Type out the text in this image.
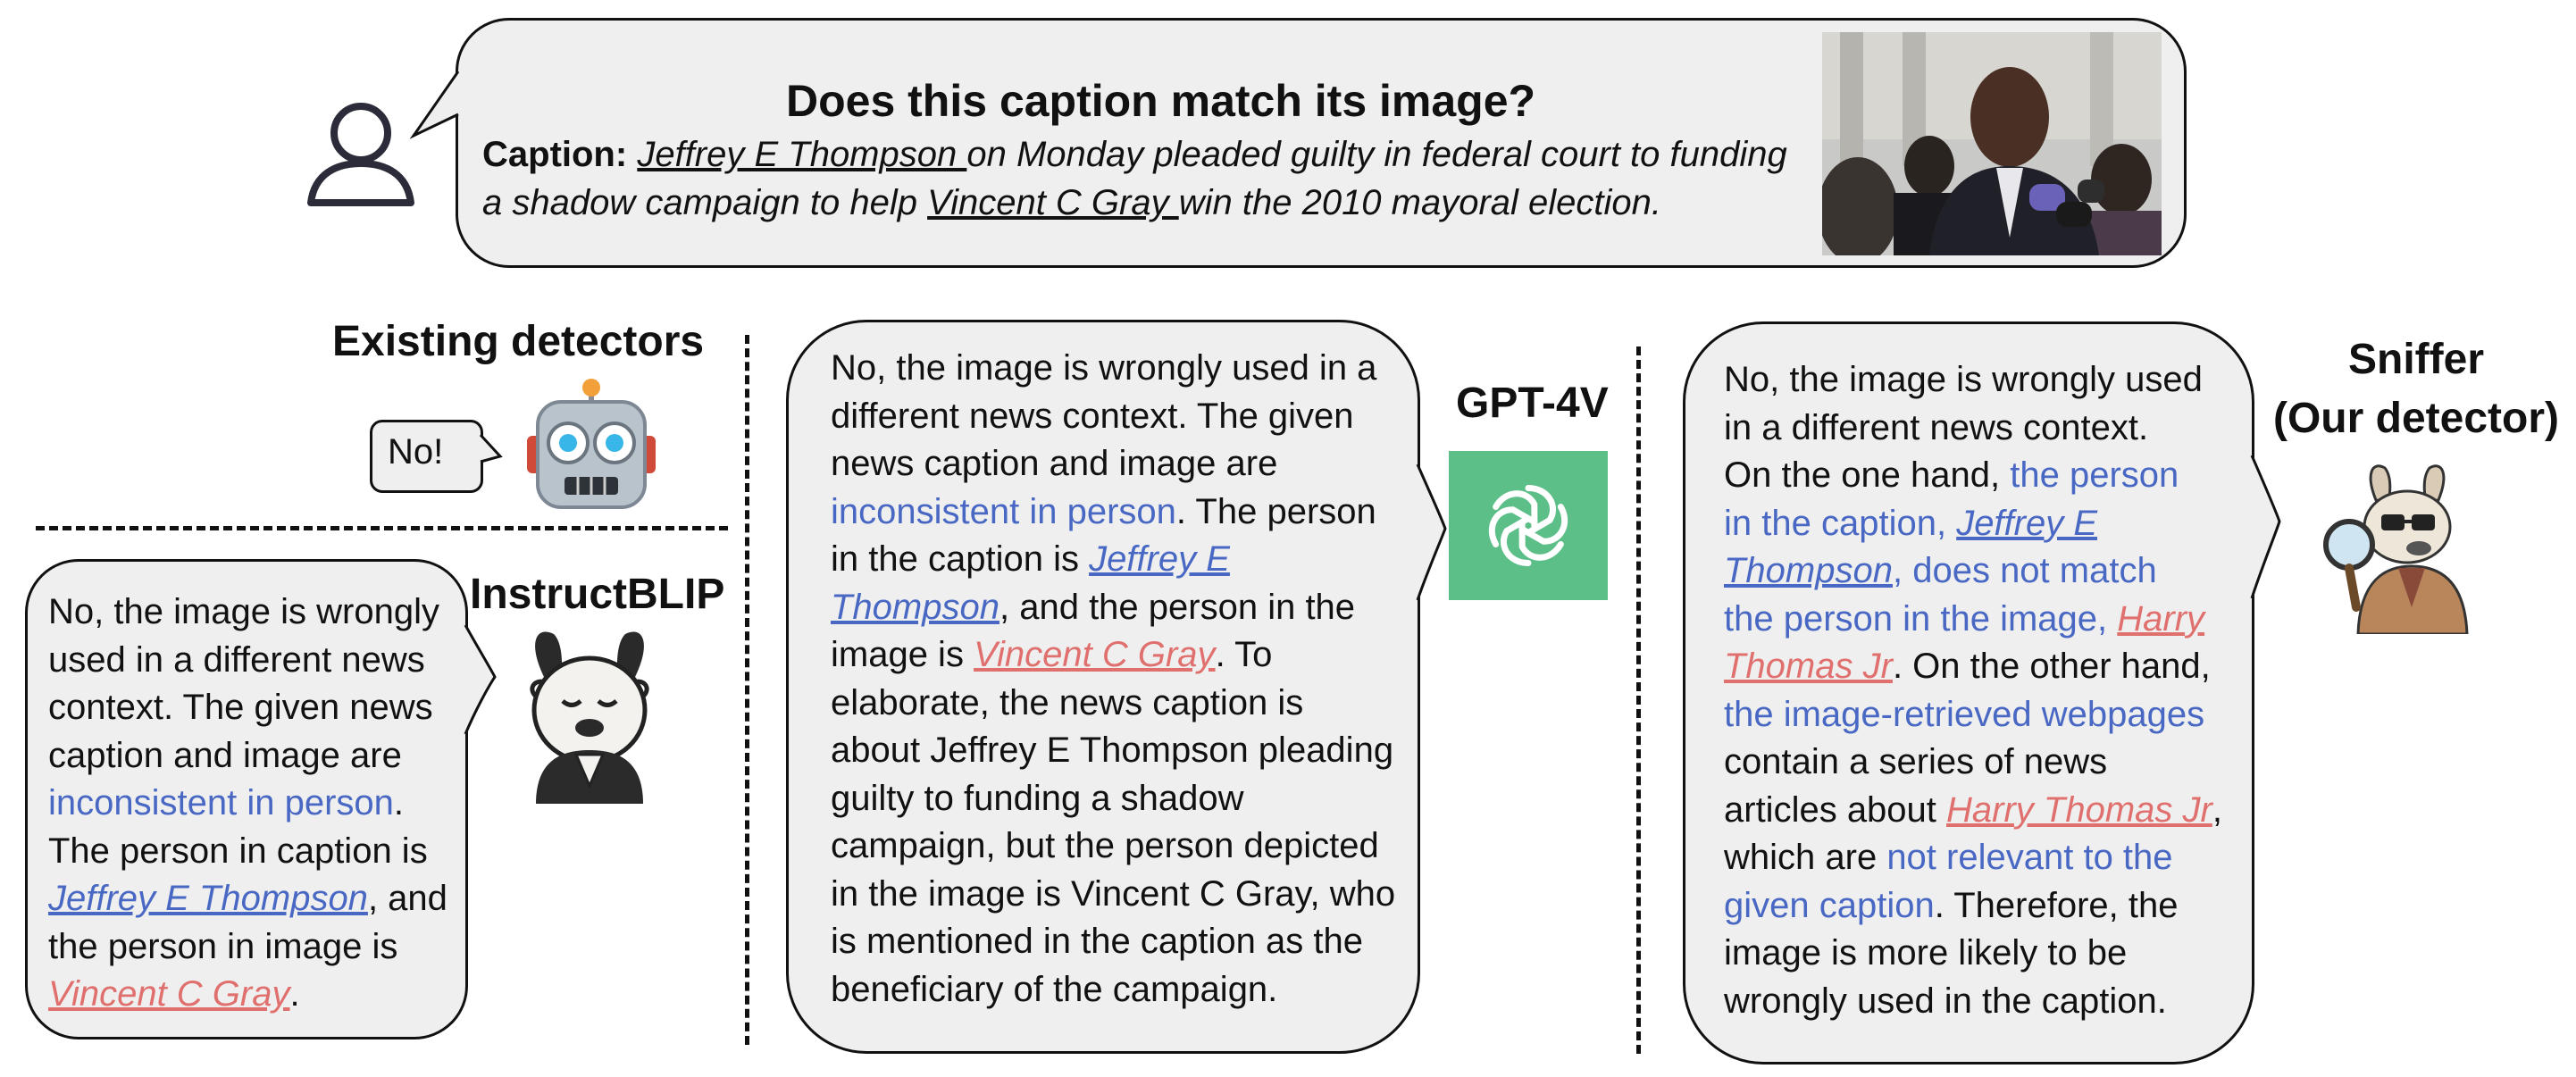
Does this caption match its image?
Caption: Jeffrey E Thompson on Monday pleaded guilty in federal court to funding
a shadow campaign to help Vincent C Gray win the 2010 mayoral election.
Existing detectors
No!
No, the image is wrongly
used in a different news
context. The given news
caption and image are
inconsistent in person.
The person in caption is
Jeffrey E Thompson, and
the person in image is
Vincent C Gray.
InstructBLIP
No, the image is wrongly used in a
different news context. The given
news caption and image are
inconsistent in person. The person
in the caption is Jeffrey E
Thompson, and the person in the
image is Vincent C Gray. To
elaborate, the news caption is
about Jeffrey E Thompson pleading
guilty to funding a shadow
campaign, but the person depicted
in the image is Vincent C Gray, who
is mentioned in the caption as the
beneficiary of the campaign.
GPT-4V	No, the image is wrongly used
in a different news context.
On the one hand, the person
in the caption, Jeffrey E
Thompson, does not match
the person in the image, Harry
Thomas Jr. On the other hand,
the image-retrieved webpages
contain a series of news
articles about Harry Thomas Jr,
which are not relevant to the
given caption. Therefore, the
image is more likely to be
wrongly used in the caption.
Sniffer
(Our detector)
